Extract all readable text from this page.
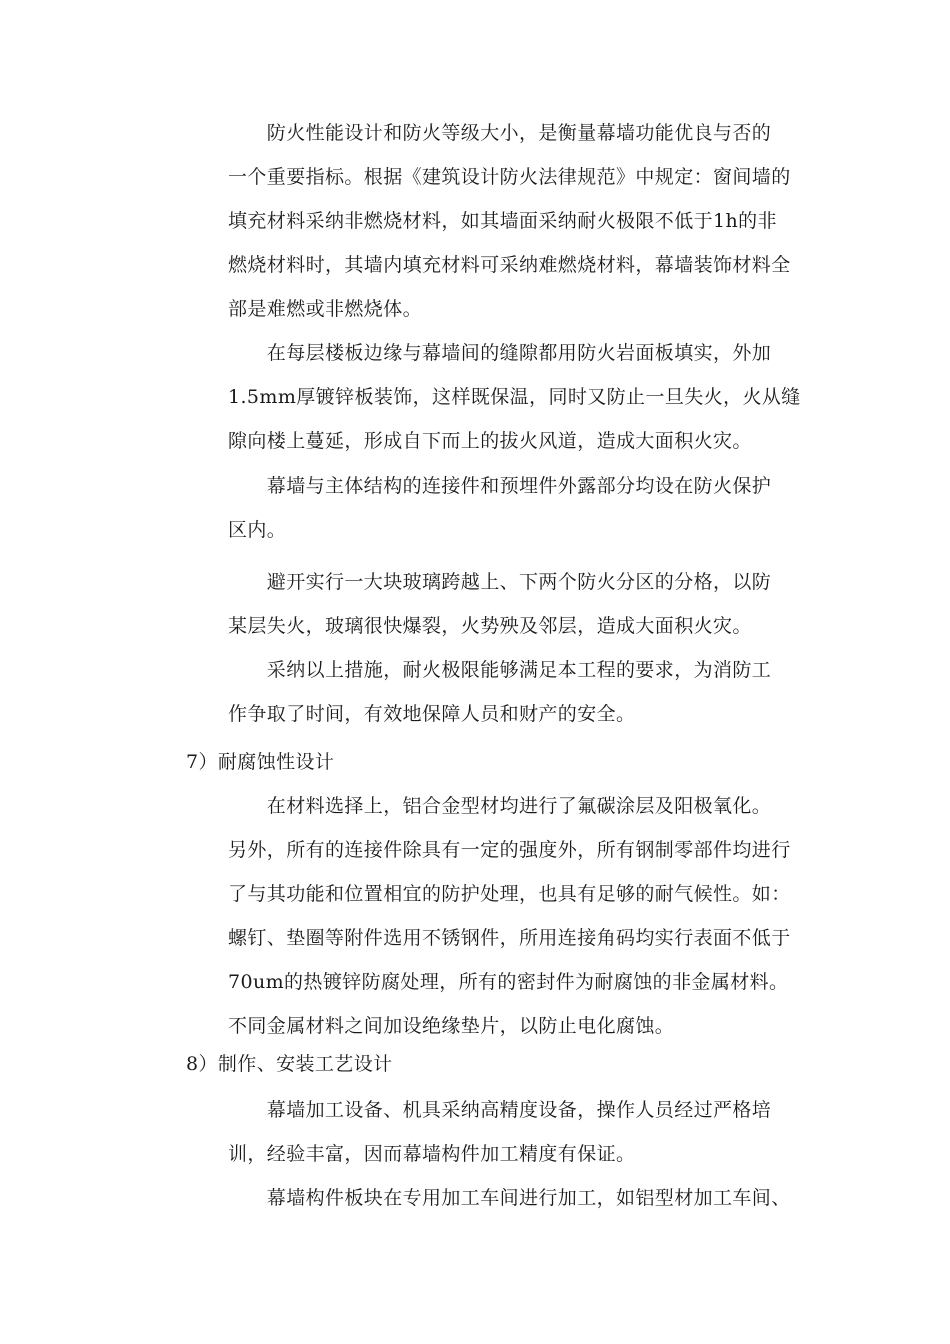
　　防火性能设计和防火等级大小，是衡量幕墙功能优良与否的
一个重要指标。根据《建筑设计防火法律规范》中规定：窗间墙的
填充材料采纳非燃烧材料，如其墙面采纳耐火极限不低于1h的非
燃烧材料时，其墙内填充材料可采纳难燃烧材料，幕墙装饰材料全
部是难燃或非燃烧体。
　　在每层楼板边缘与幕墙间的缝隙都用防火岩面板填实，外加
1.5mm厚镀锌板装饰，这样既保温，同时又防止一旦失火，火从缝
隙向楼上蔓延，形成自下而上的拔火风道，造成大面积火灾。
　　幕墙与主体结构的连接件和预埋件外露部分均设在防火保护
区内。
　　避开实行一大块玻璃跨越上、下两个防火分区的分格，以防
某层失火，玻璃很快爆裂，火势殃及邻层，造成大面积火灾。
　　采纳以上措施，耐火极限能够满足本工程的要求，为消防工
作争取了时间，有效地保障人员和财产的安全。
7）耐腐蚀性设计
　　在材料选择上，铝合金型材均进行了氟碳涂层及阳极氧化。
另外，所有的连接件除具有一定的强度外，所有钢制零部件均进行
了与其功能和位置相宜的防护处理，也具有足够的耐气候性。如：
螺钉、垫圈等附件选用不锈钢件，所用连接角码均实行表面不低于
70um的热镀锌防腐处理，所有的密封件为耐腐蚀的非金属材料。
不同金属材料之间加设绝缘垫片，以防止电化腐蚀。
8）制作、安装工艺设计
　　幕墙加工设备、机具采纳高精度设备，操作人员经过严格培
训，经验丰富，因而幕墙构件加工精度有保证。
　　幕墙构件板块在专用加工车间进行加工，如铝型材加工车间、
